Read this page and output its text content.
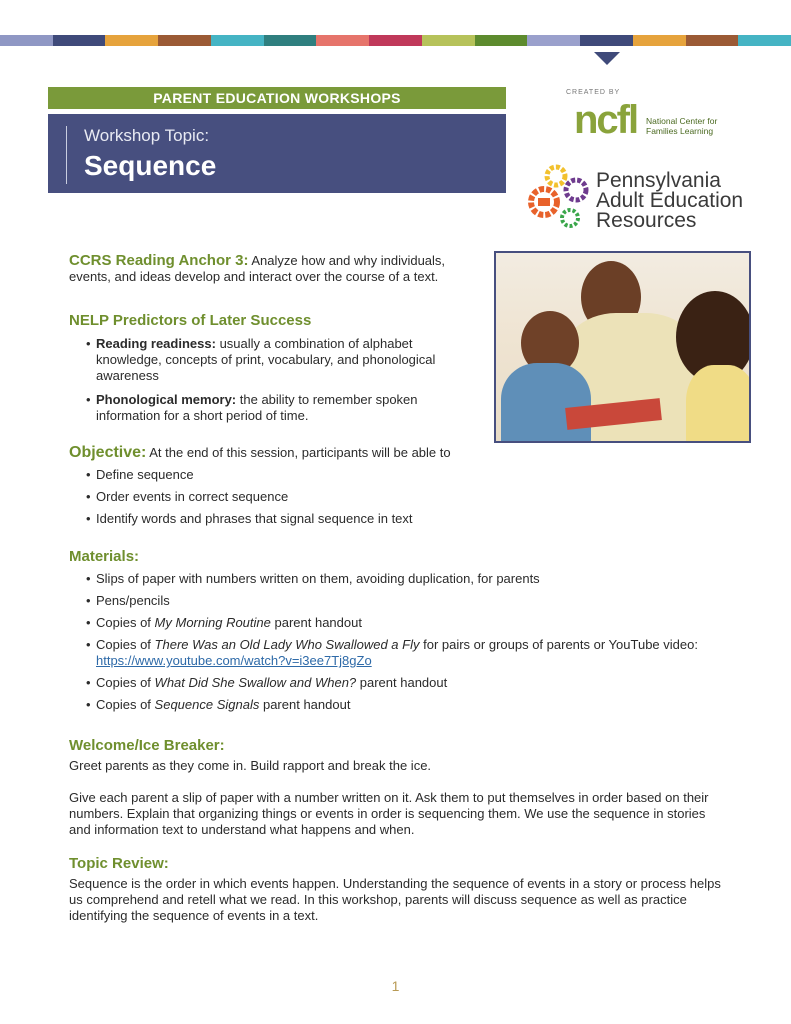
PARENT EDUCATION WORKSHOPS
Workshop Topic:
Sequence
CREATED BY
ncfl National Center for
Families Learning
Pennsylvania
Adult Education
Resources
CCRS Reading Anchor 3: Analyze how and why individuals, events, and ideas develop and interact over the course of a text.
NELP Predictors of Later Success
• Reading readiness: usually a combination of alphabet knowledge, concepts of print, vocabulary, and phonological awareness
• Phonological memory: the ability to remember spoken information for a short period of time.
Objective: At the end of this session, participants will be able to
• Define sequence
• Order events in correct sequence
• Identify words and phrases that signal sequence in text
Materials:
• Slips of paper with numbers written on them, avoiding duplication, for parents
• Pens/pencils
• Copies of My Morning Routine parent handout
• Copies of There Was an Old Lady Who Swallowed a Fly for pairs or groups of parents or YouTube video: https://www.youtube.com/watch?v=i3ee7Tj8gZo
• Copies of What Did She Swallow and When? parent handout
• Copies of Sequence Signals parent handout
Welcome/Ice Breaker:
Greet parents as they come in. Build rapport and break the ice.
Give each parent a slip of paper with a number written on it. Ask them to put themselves in order based on their numbers. Explain that organizing things or events in order is sequencing them. We use the sequence in stories and information text to understand what happens and when.
Topic Review:
Sequence is the order in which events happen. Understanding the sequence of events in a story or process helps us comprehend and retell what we read. In this workshop, parents will discuss sequence as well as practice identifying the sequence of events in a text.
1
